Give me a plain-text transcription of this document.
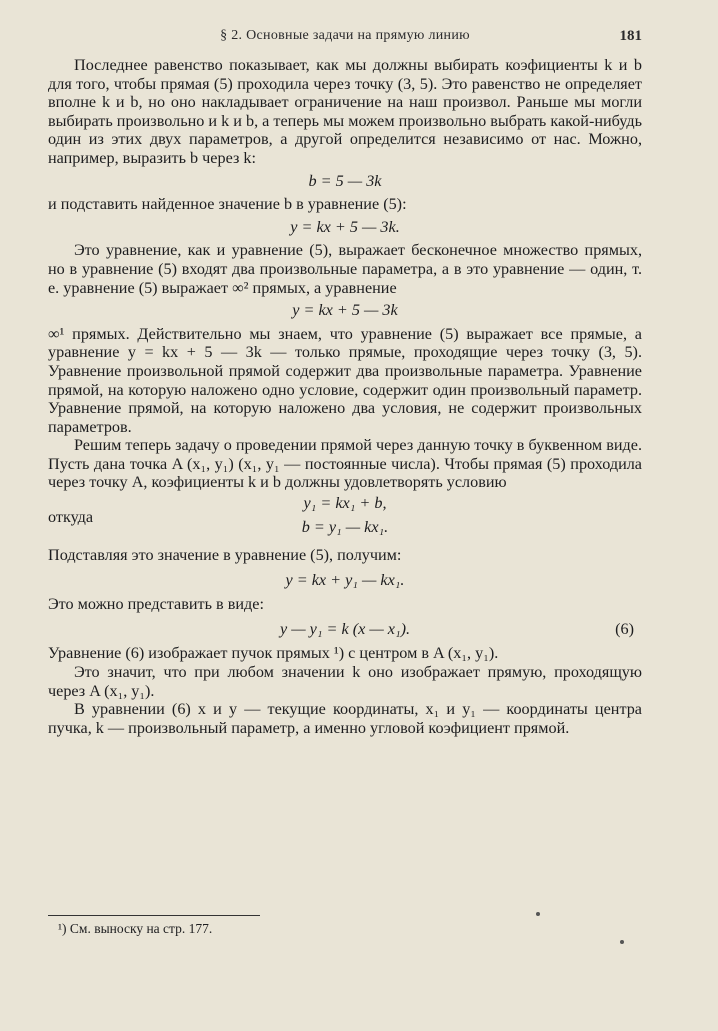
§ 2. Основные задачи на прямую линию	181

Последнее равенство показывает, как мы должны выбирать коэфициенты k и b для того, чтобы прямая (5) проходила через точку (3, 5). Это равенство не определяет вполне k и b, но оно накладывает ограничение на наш произвол. Раньше мы могли выбирать произвольно и k и b, а теперь мы можем произвольно выбрать какой-нибудь один из этих двух параметров, а другой определится независимо от нас. Можно, например, выразить b через k:

b = 5 — 3k

и подставить найденное значение b в уравнение (5):

y = kx + 5 — 3k.

Это уравнение, как и уравнение (5), выражает бесконечное множество прямых, но в уравнение (5) входят два произвольные параметра, а в это уравнение — один, т. е. уравнение (5) выражает ∞² прямых, а уравнение

y = kx + 5 — 3k

∞¹ прямых. Действительно мы знаем, что уравнение (5) выражает все прямые, а уравнение y = kx + 5 — 3k — только прямые, проходящие через точку (3, 5). Уравнение произвольной прямой содержит два произвольные параметра. Уравнение прямой, на которую наложено одно условие, содержит один произвольный параметр. Уравнение прямой, на которую наложено два условия, не содержит произвольных параметров.

Решим теперь задачу о проведении прямой через данную точку в буквенном виде. Пусть дана точка A (x₁, y₁) (x₁, y₁ — постоянные числа). Чтобы прямая (5) проходила через точку A, коэфициенты k и b должны удовлетворять условию

откуда
y₁ = kx₁ + b,
b = y₁ — kx₁.

Подставляя это значение в уравнение (5), получим:

y = kx + y₁ — kx₁.

Это можно представить в виде:

y — y₁ = k (x — x₁).	(6)

Уравнение (6) изображает пучок прямых ¹) с центром в A (x₁, y₁).

Это значит, что при любом значении k оно изображает прямую, проходящую через A (x₁, y₁).

В уравнении (6) x и y — текущие координаты, x₁ и y₁ — координаты центра пучка, k — произвольный параметр, а именно угловой коэфициент прямой.

¹) См. выноску на стр. 177.
